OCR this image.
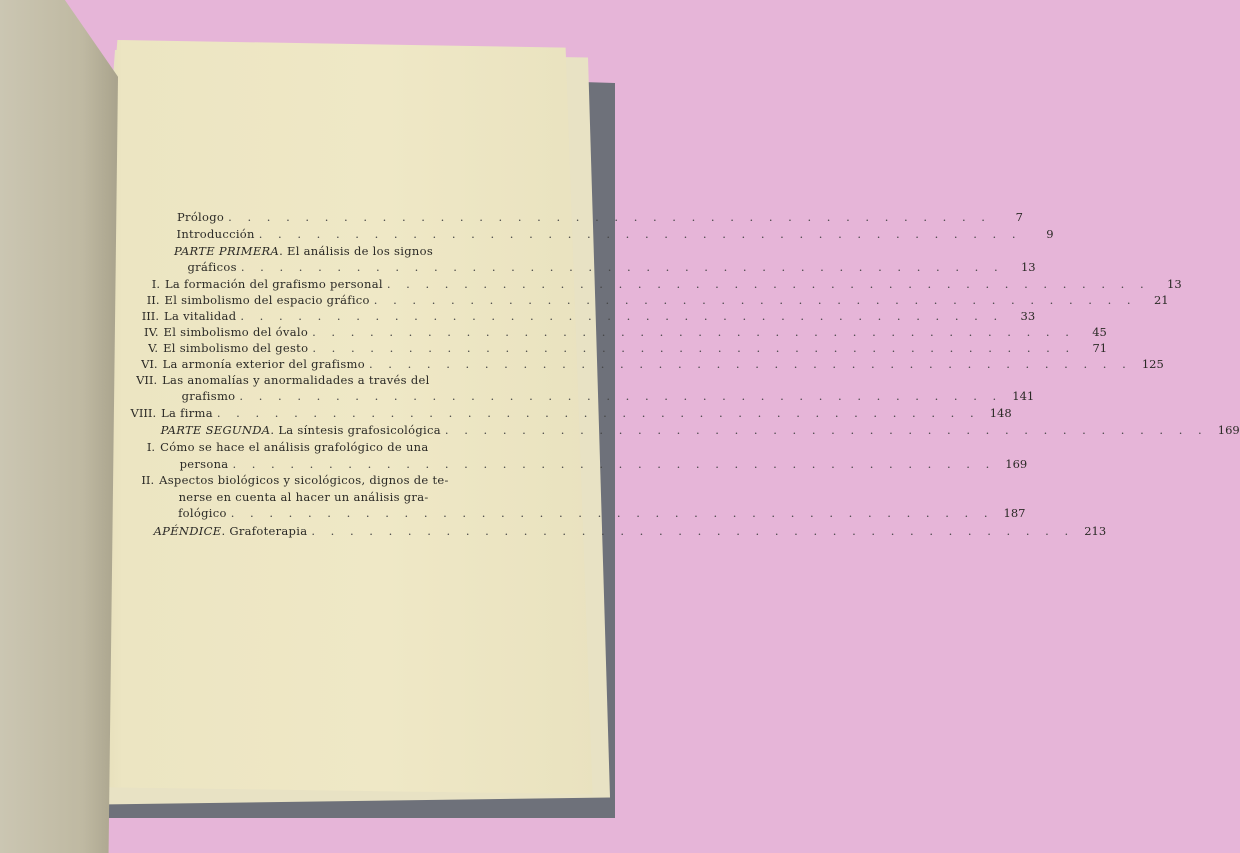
Prólogo . . . . . . . . . . . . . . . . . . . . . . . . . . . . . . . . . . . . . . . .	7
Introducción . . . . . . . . . . . . . . . . . . . . . . . . . . . . . . . . . . . . . . . .	9
PARTE PRIMERA. El análisis de los signos
gráficos . . . . . . . . . . . . . . . . . . . . . . . . . . . . . . . . . . . . . . . .	13
I. La formación del grafismo personal . . . . . . . . . . . . . . . . . . . . . . . . . . . . . . . . . . . . . . . .	13
II. El simbolismo del espacio gráfico . . . . . . . . . . . . . . . . . . . . . . . . . . . . . . . . . . . . . . . .	21
III. La vitalidad . . . . . . . . . . . . . . . . . . . . . . . . . . . . . . . . . . . . . . . .	33
IV. El simbolismo del óvalo . . . . . . . . . . . . . . . . . . . . . . . . . . . . . . . . . . . . . . . .	45
V. El simbolismo del gesto . . . . . . . . . . . . . . . . . . . . . . . . . . . . . . . . . . . . . . . .	71
VI. La armonía exterior del grafismo . . . . . . . . . . . . . . . . . . . . . . . . . . . . . . . . . . . . . . . . 125
VII. Las anomalías y anormalidades a través del
grafismo . . . . . . . . . . . . . . . . . . . . . . . . . . . . . . . . . . . . . . . . 141
VIII. La firma . . . . . . . . . . . . . . . . . . . . . . . . . . . . . . . . . . . . . . . . 148
PARTE SEGUNDA. La síntesis grafosicológica . . . . . . . . . . . . . . . . . . . . . . . . . . . . . . . . . . . . . . . . 169
I. Cómo se hace el análisis grafológico de una
persona . . . . . . . . . . . . . . . . . . . . . . . . . . . . . . . . . . . . . . . . 169
II. Aspectos biológicos y sicológicos, dignos de te-
nerse en cuenta al hacer un análisis gra-
fológico . . . . . . . . . . . . . . . . . . . . . . . . . . . . . . . . . . . . . . . . 187
APÉNDICE. Grafoterapia . . . . . . . . . . . . . . . . . . . . . . . . . . . . . . . . . . . . . . . . 213
